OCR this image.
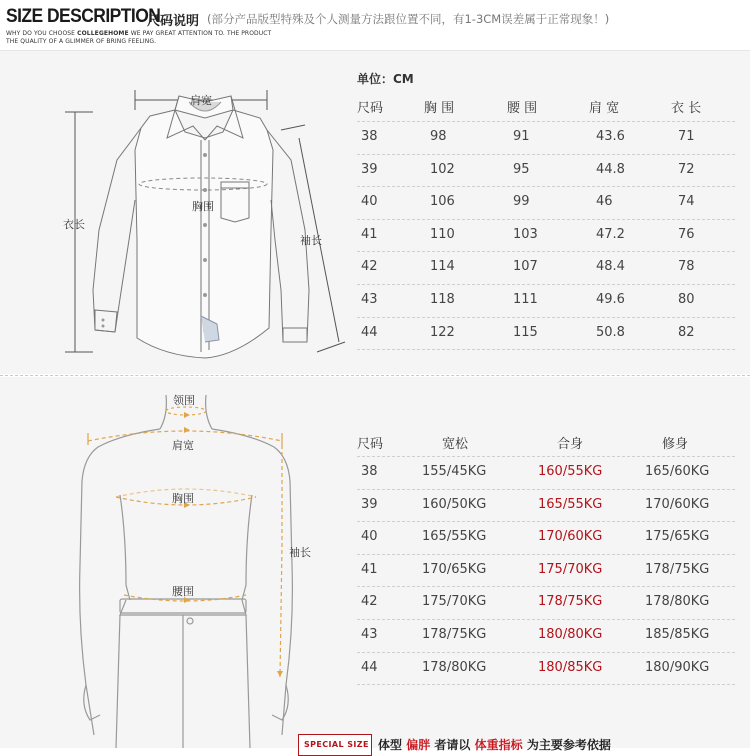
SIZE DESCRIPTION
尺码说明 (部分产品版型特殊及个人测量方法跟位置不同，有1-3CM误差属于正常现象！)
WHY DO YOU CHOOSE COLLEGEHOME WE PAY GREAT ATTENTION TO. THE PRODUCT
THE QUALITY OF A GLIMMER OF BRING FEELING.
肩宽
胸围
衣长
袖长
单位：CM
尺码	胸 围	腰 围	肩 宽	衣 长
38	98	91	43.6	71
39	102	95	44.8	72
40	106	99	46	74
41	110	103	47.2	76
42	114	107	48.4	78
43	118	111	49.6	80
44	122	115	50.8	82
领围
肩宽
胸围
袖长
腰围
尺码	宽松	合身	修身
38	155/45KG	160/55KG	165/60KG
39	160/50KG	165/55KG	170/60KG
40	165/55KG	170/60KG	175/65KG
41	170/65KG	175/70KG	178/75KG
42	175/70KG	178/75KG	178/80KG
43	178/75KG	180/80KG	185/85KG
44	178/80KG	180/85KG	180/90KG
SPECIAL SIZE 体型 偏胖 者请以 体重指标 为主要参考依据
